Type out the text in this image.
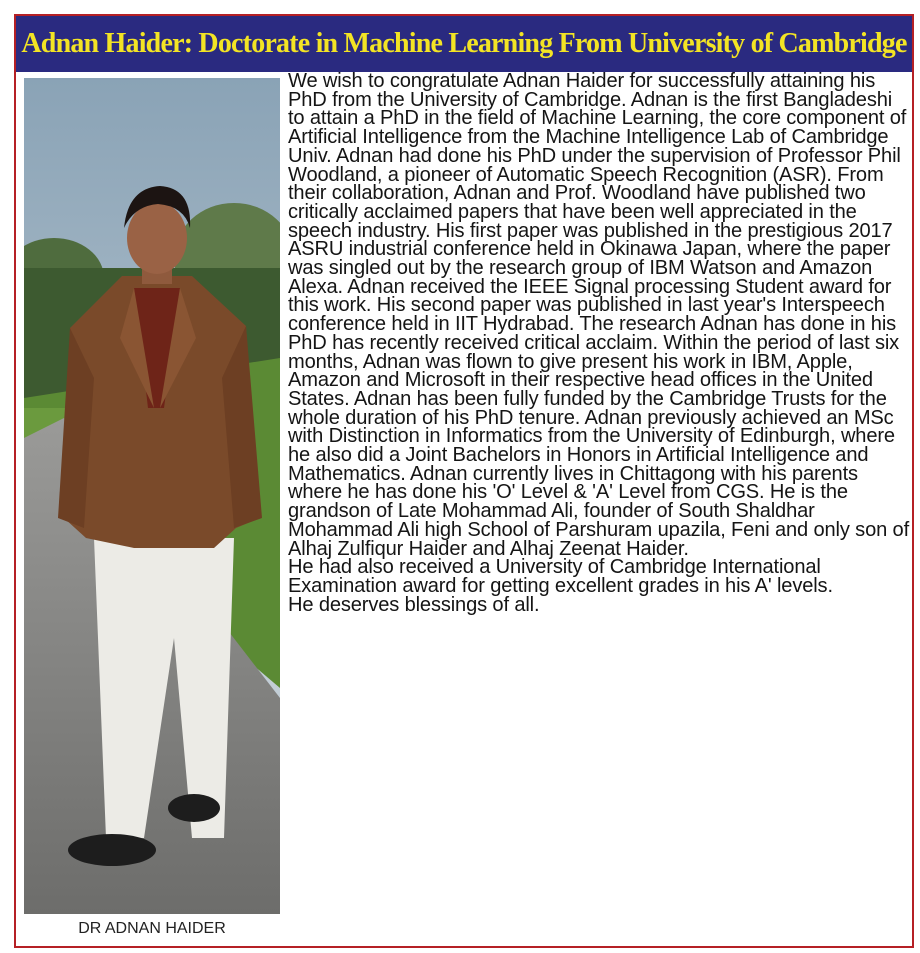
Adnan Haider: Doctorate in Machine Learning From University of Cambridge
DR ADNAN HAIDER

We wish to congratulate Adnan Haider for successfully attaining his PhD from the University of Cambridge. Adnan is the first Bangladeshi to attain a PhD in the field of Machine Learning, the core component of Artificial Intelligence from the Machine Intelligence Lab of Cambridge Univ. Adnan had done his PhD under the supervision of Professor Phil Woodland, a pioneer of Automatic Speech Recognition (ASR). From their collaboration, Adnan and Prof. Woodland have published two critically acclaimed papers that have been well appreciated in the speech industry. His first paper was published in the prestigious 2017 ASRU industrial conference held in Okinawa Japan, where the paper was singled out by the research group of IBM Watson and Amazon Alexa. Adnan received the IEEE Signal processing Student award for this work. His second paper was published in last year's Interspeech conference held in IIT Hydrabad. The research Adnan has done in his PhD has recently received critical acclaim. Within the period of last six months, Adnan was flown to give present his work in IBM, Apple, Amazon and Microsoft in their respective head offices in the United States. Adnan has been fully funded by the Cambridge Trusts for the whole duration of his PhD tenure. Adnan previously achieved an MSc with Distinction in Informatics from the University of Edinburgh, where he also did a Joint Bachelors in Honors in Artificial Intelligence and Mathematics. Adnan currently lives in Chittagong with his parents where he has done his 'O' Level & 'A' Level from CGS. He is the grandson of Late Mohammad Ali, founder of South Shaldhar Mohammad Ali high School of Parshuram upazila, Feni and only son of Alhaj Zulfiqur Haider and Alhaj Zeenat Haider.

He had also received a University of Cambridge International Examination award for getting excellent grades in his A' levels.

He deserves blessings of all.
